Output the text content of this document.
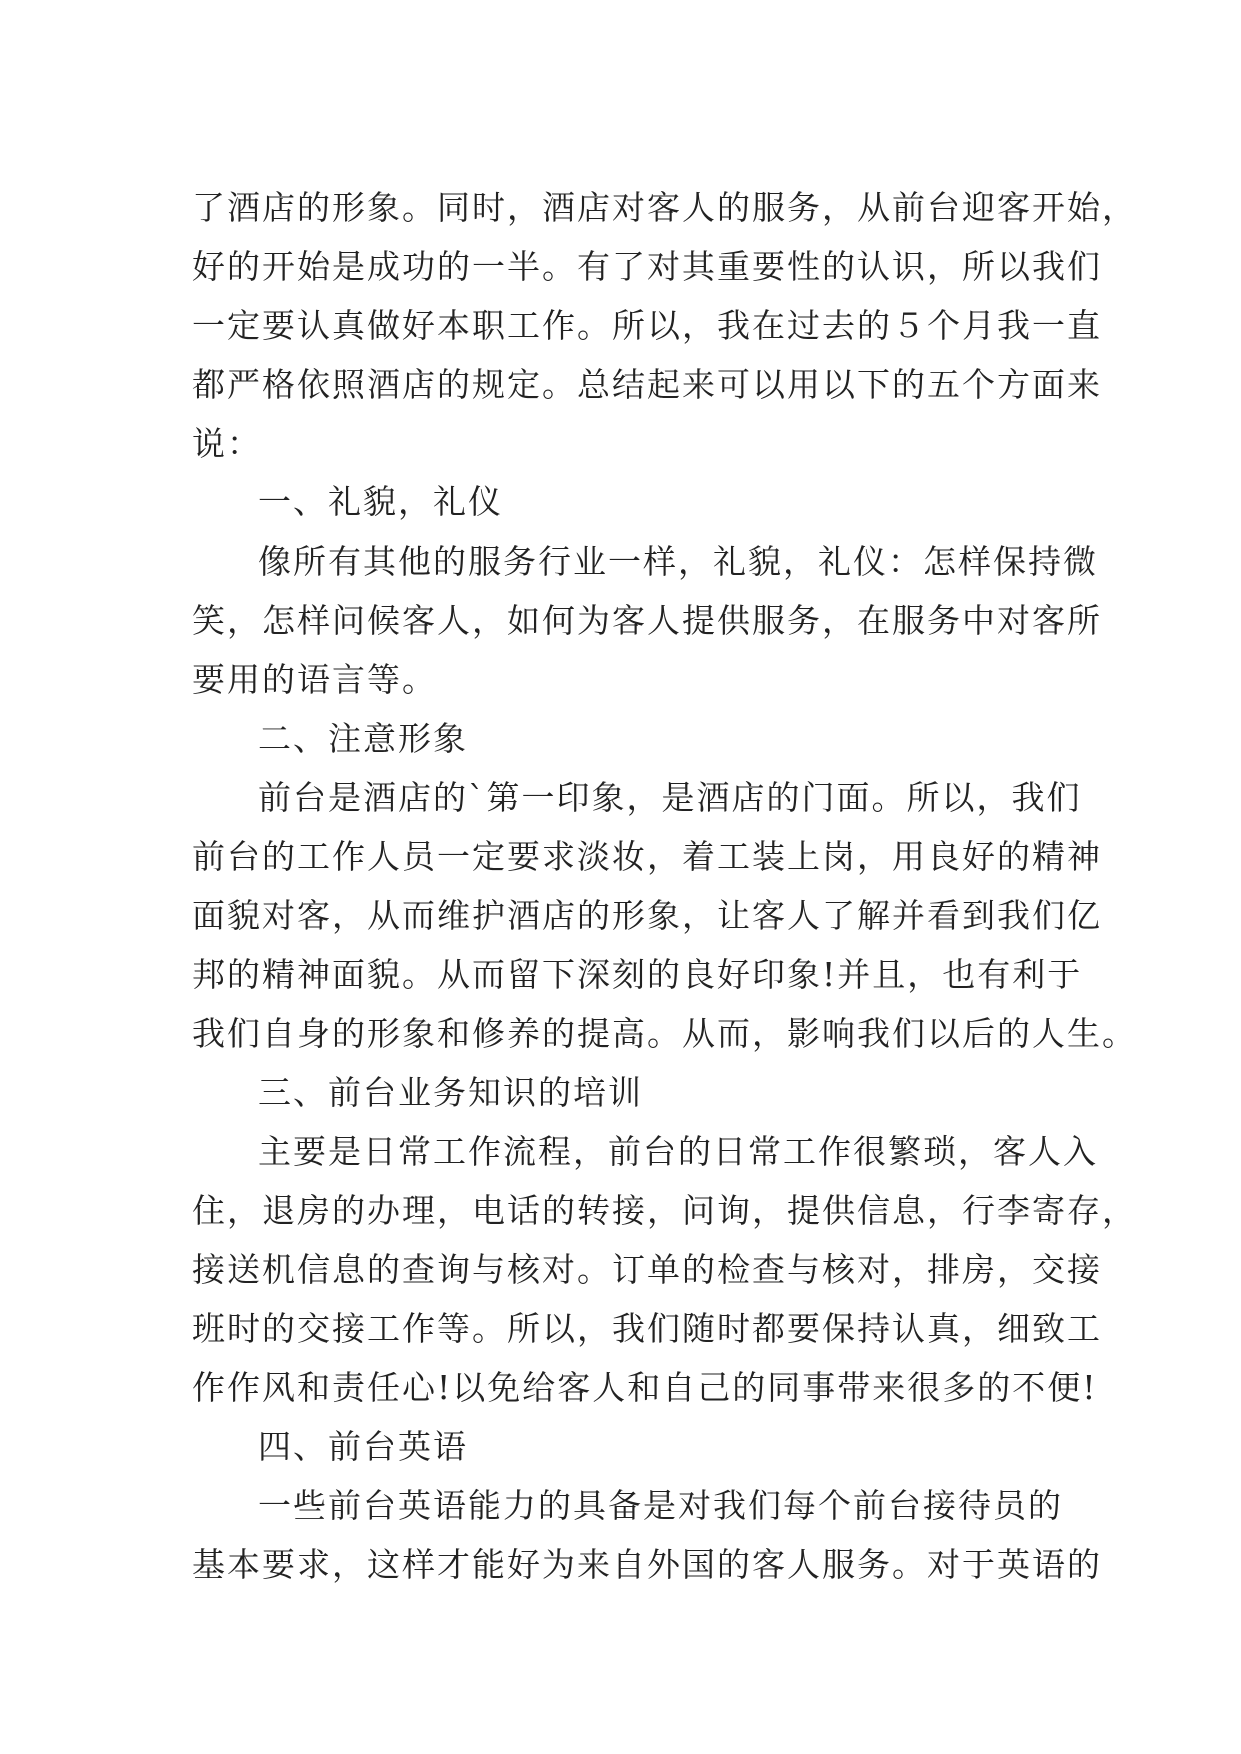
了酒店的形象。同时，酒店对客人的服务，从前台迎客开始，
好的开始是成功的一半。有了对其重要性的认识，所以我们
一定要认真做好本职工作。所以，我在过去的５个月我一直
都严格依照酒店的规定。总结起来可以用以下的五个方面来
说：
一、礼貌，礼仪
像所有其他的服务行业一样，礼貌，礼仪：怎样保持微
笑，怎样问候客人，如何为客人提供服务，在服务中对客所
要用的语言等。
二、注意形象
前台是酒店的`第一印象，是酒店的门面。所以，我们
前台的工作人员一定要求淡妆，着工装上岗，用良好的精神
面貌对客，从而维护酒店的形象，让客人了解并看到我们亿
邦的精神面貌。从而留下深刻的良好印象!并且，也有利于
我们自身的形象和修养的提高。从而，影响我们以后的人生。
三、前台业务知识的培训
主要是日常工作流程，前台的日常工作很繁琐，客人入
住，退房的办理，电话的转接，问询，提供信息，行李寄存，
接送机信息的查询与核对。订单的检查与核对，排房，交接
班时的交接工作等。所以，我们随时都要保持认真，细致工
作作风和责任心!以免给客人和自己的同事带来很多的不便!
四、前台英语
一些前台英语能力的具备是对我们每个前台接待员的
基本要求，这样才能好为来自外国的客人服务。对于英语的
